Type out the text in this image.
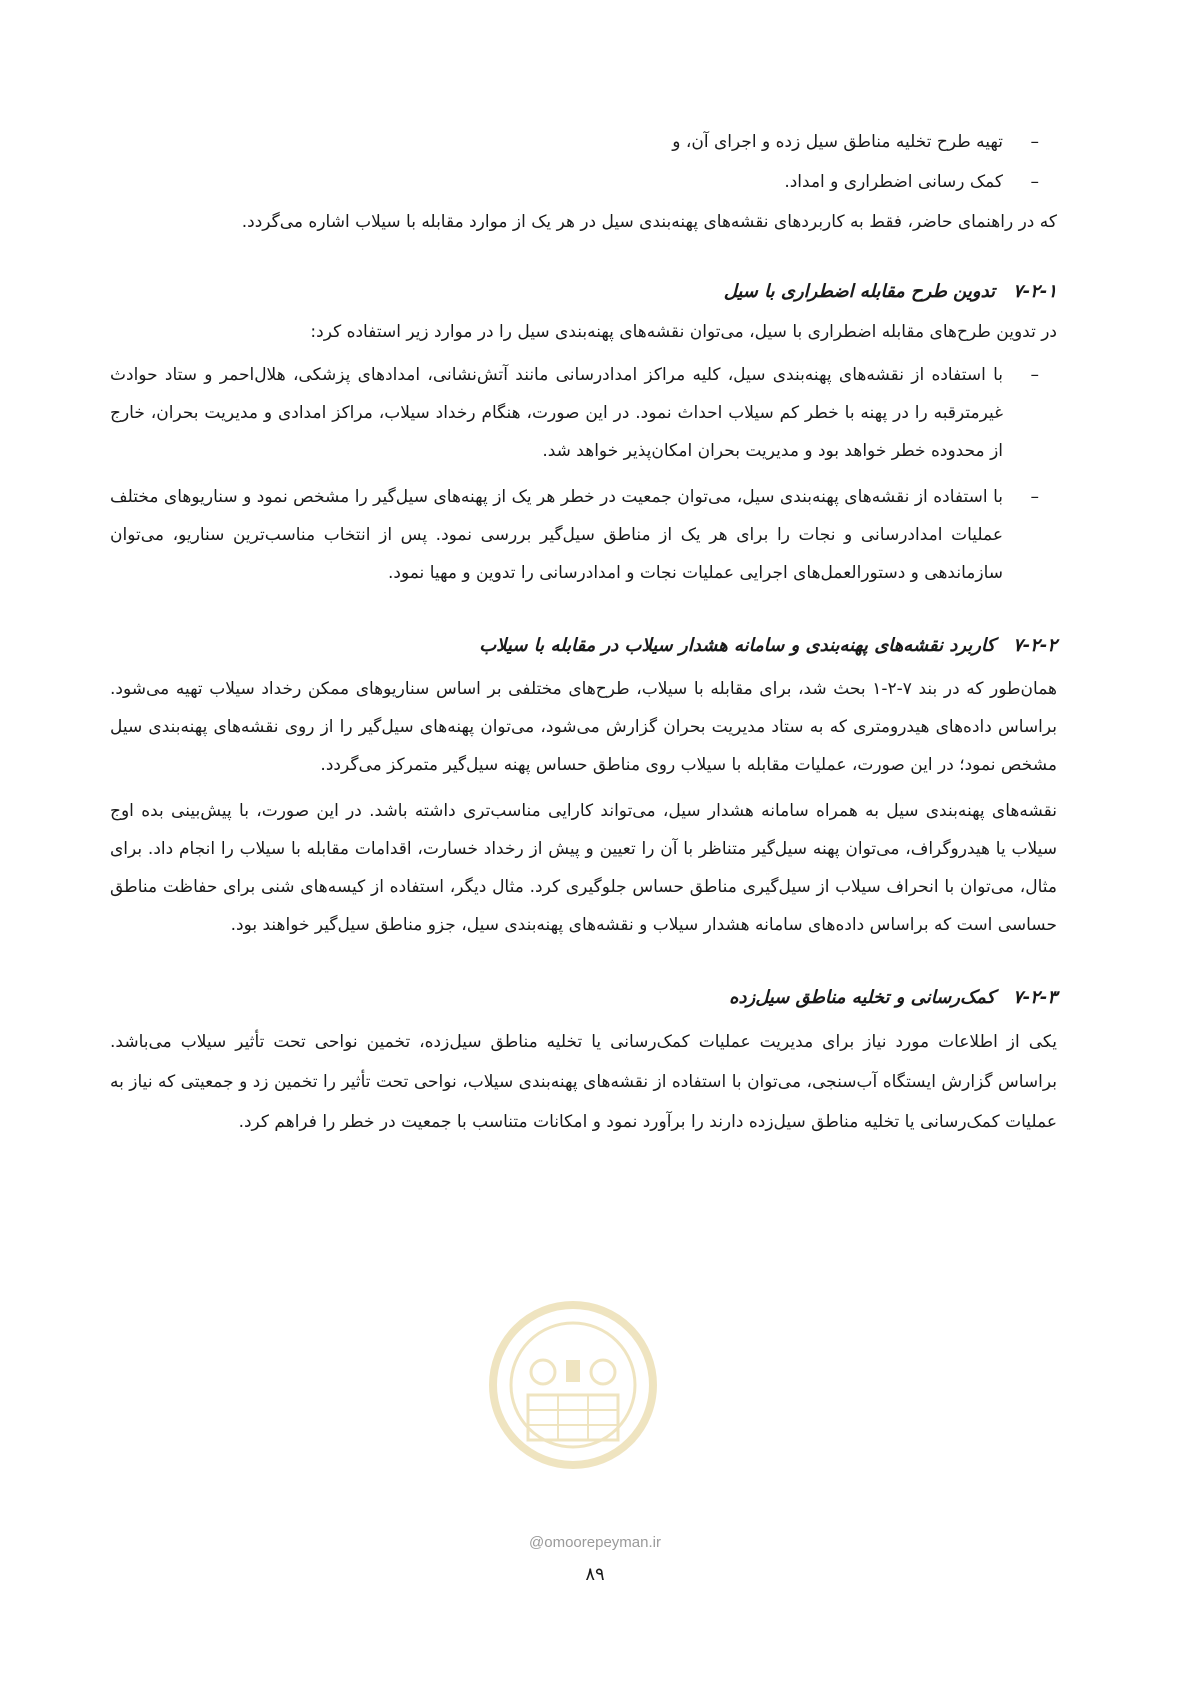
–
تهیه طرح تخلیه مناطق سیل زده و اجرای آن، و

–
کمک رسانی اضطراری و امداد.

که در راهنمای حاضر، فقط به کاربردهای نقشه‌های پهنه‌بندی سیل در هر یک از موارد مقابله با سیلاب اشاره می‌گردد.

۷-۲-۱تدوین طرح مقابله اضطراری با سیل

در تدوین طرح‌های مقابله اضطراری با سیل، می‌توان نقشه‌های پهنه‌بندی سیل را در موارد زیر استفاده کرد:

–
با استفاده از نقشه‌های پهنه‌بندی سیل، کلیه مراکز امدادرسانی مانند آتش‌نشانی، امدادهای پزشکی، هلال‌احمر و ستاد حوادث غیرمترقبه را در پهنه با خطر کم سیلاب احداث نمود. در این صورت، هنگام رخداد سیلاب، مراکز امدادی و مدیریت بحران، خارج از محدوده خطر خواهد بود و مدیریت بحران امکان‌پذیر خواهد شد.

–
با استفاده از نقشه‌های پهنه‌بندی سیل، می‌توان جمعیت در خطر هر یک از پهنه‌های سیل‌گیر را مشخص نمود و سناریوهای مختلف عملیات امدادرسانی و نجات را برای هر یک از مناطق سیل‌گیر بررسی نمود. پس از انتخاب مناسب‌ترین سناریو، می‌توان سازماندهی و دستورالعمل‌های اجرایی عملیات نجات و امدادرسانی را تدوین و مهیا نمود.

۷-۲-۲کاربرد نقشه‌های پهنه‌بندی و سامانه هشدار سیلاب در مقابله با سیلاب

همان‌طور که در بند ۷-۲-۱ بحث شد، برای مقابله با سیلاب، طرح‌های مختلفی بر اساس سناریوهای ممکن رخداد سیلاب تهیه می‌شود. براساس داده‌های هیدرومتری که به ستاد مدیریت بحران گزارش می‌شود، می‌توان پهنه‌های سیل‌گیر را از روی نقشه‌های پهنه‌بندی سیل مشخص نمود؛ در این صورت، عملیات مقابله با سیلاب روی مناطق حساس پهنه سیل‌گیر متمرکز می‌گردد.

نقشه‌های پهنه‌بندی سیل به همراه سامانه هشدار سیل، می‌تواند کارایی مناسب‌تری داشته باشد. در این صورت، با پیش‌بینی بده اوج سیلاب یا هیدروگراف، می‌توان پهنه سیل‌گیر متناظر با آن را تعیین و پیش از رخداد خسارت، اقدامات مقابله با سیلاب را انجام داد. برای مثال، می‌توان با انحراف سیلاب از سیل‌گیری مناطق حساس جلوگیری کرد. مثال دیگر، استفاده از کیسه‌های شنی برای حفاظت مناطق حساسی است که براساس داده‌های سامانه هشدار سیلاب و نقشه‌های پهنه‌بندی سیل، جزو مناطق سیل‌گیر خواهند بود.

۷-۲-۳کمک‌رسانی و تخلیه مناطق سیل‌زده

یکی از اطلاعات مورد نیاز برای مدیریت عملیات کمک‌رسانی یا تخلیه مناطق سیل‌زده، تخمین نواحی تحت تأثیر سیلاب می‌باشد. براساس گزارش ایستگاه آب‌سنجی، می‌توان با استفاده از نقشه‌های پهنه‌بندی سیلاب، نواحی تحت تأثیر را تخمین زد و جمعیتی که نیاز به عملیات کمک‌رسانی یا تخلیه مناطق سیل‌زده دارند را برآورد نمود و امکانات متناسب با جمعیت در خطر را فراهم کرد.

@omoorepeyman.ir
۸۹
